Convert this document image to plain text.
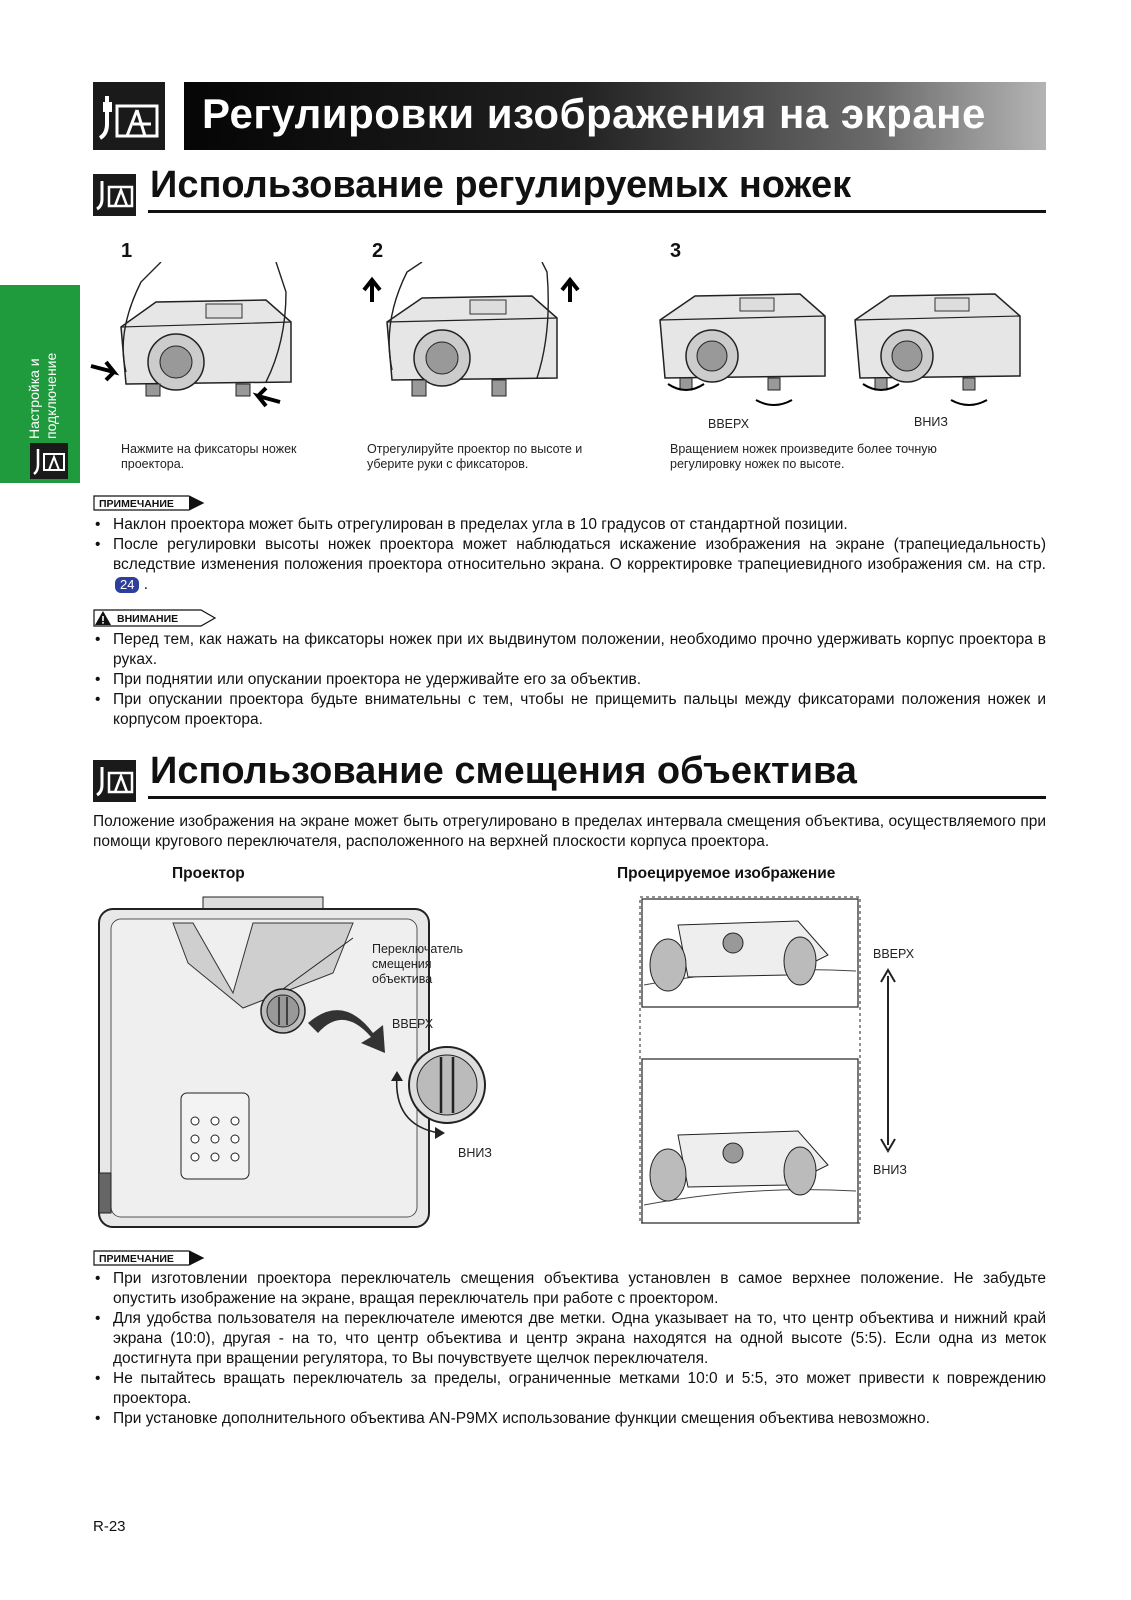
Регулировки изображения на экране
Настройка и подключение
Использование регулируемых ножек
1	2	3
ВВЕРХ	ВНИЗ
Нажмите на фиксаторы ножек
проектора.
Отрегулируйте проектор по высоте и
уберите руки с фиксаторов.
Вращением ножек произведите более точную
регулировку ножек по высоте.
ПРИМЕЧАНИЕ
• Наклон проектора может быть отрегулирован в пределах угла в 10 градусов от стандартной позиции.
• После регулировки высоты ножек проектора может наблюдаться искажение изображения на экране (трапециедальность) вследствие изменения положения проектора относительно экрана. О корректировке трапециевидного изображения см. на стр. 24 .
ВНИМАНИЕ
• Перед тем, как нажать на фиксаторы ножек при их выдвинутом положении, необходимо прочно удерживать корпус проектора в руках.
• При поднятии или опускании проектора не удерживайте его за объектив.
• При опускании проектора будьте внимательны с тем, чтобы не прищемить пальцы между фиксаторами положения ножек и корпусом проектора.
Использование смещения объектива
Положение изображения на экране может быть отрегулировано в пределах интервала смещения объектива, осуществляемого при помощи кругового переключателя, расположенного на верхней плоскости корпуса проектора.
Проектор	Проецируемое изображение
Переключатель
смещения
объектива
ВВЕРХ
ВНИЗ
ВВЕРХ
ВНИЗ
ПРИМЕЧАНИЕ
• При изготовлении проектора переключатель смещения объектива установлен в самое верхнее положение. Не забудьте опустить изображение на экране, вращая переключатель при работе с проектором.
• Для удобства пользователя на переключателе имеются две метки. Одна указывает на то, что центр объектива и нижний край экрана (10:0), другая - на то, что центр объектива и центр экрана находятся на одной высоте (5:5). Если одна из меток достигнута при вращении регулятора, то Вы почувствуете щелчок переключателя.
• Не пытайтесь вращать переключатель за пределы, ограниченные метками 10:0 и 5:5, это может привести к повреждению проектора.
• При установке дополнительного объектива AN-P9MX использование функции смещения объектива невозможно.
R-23
